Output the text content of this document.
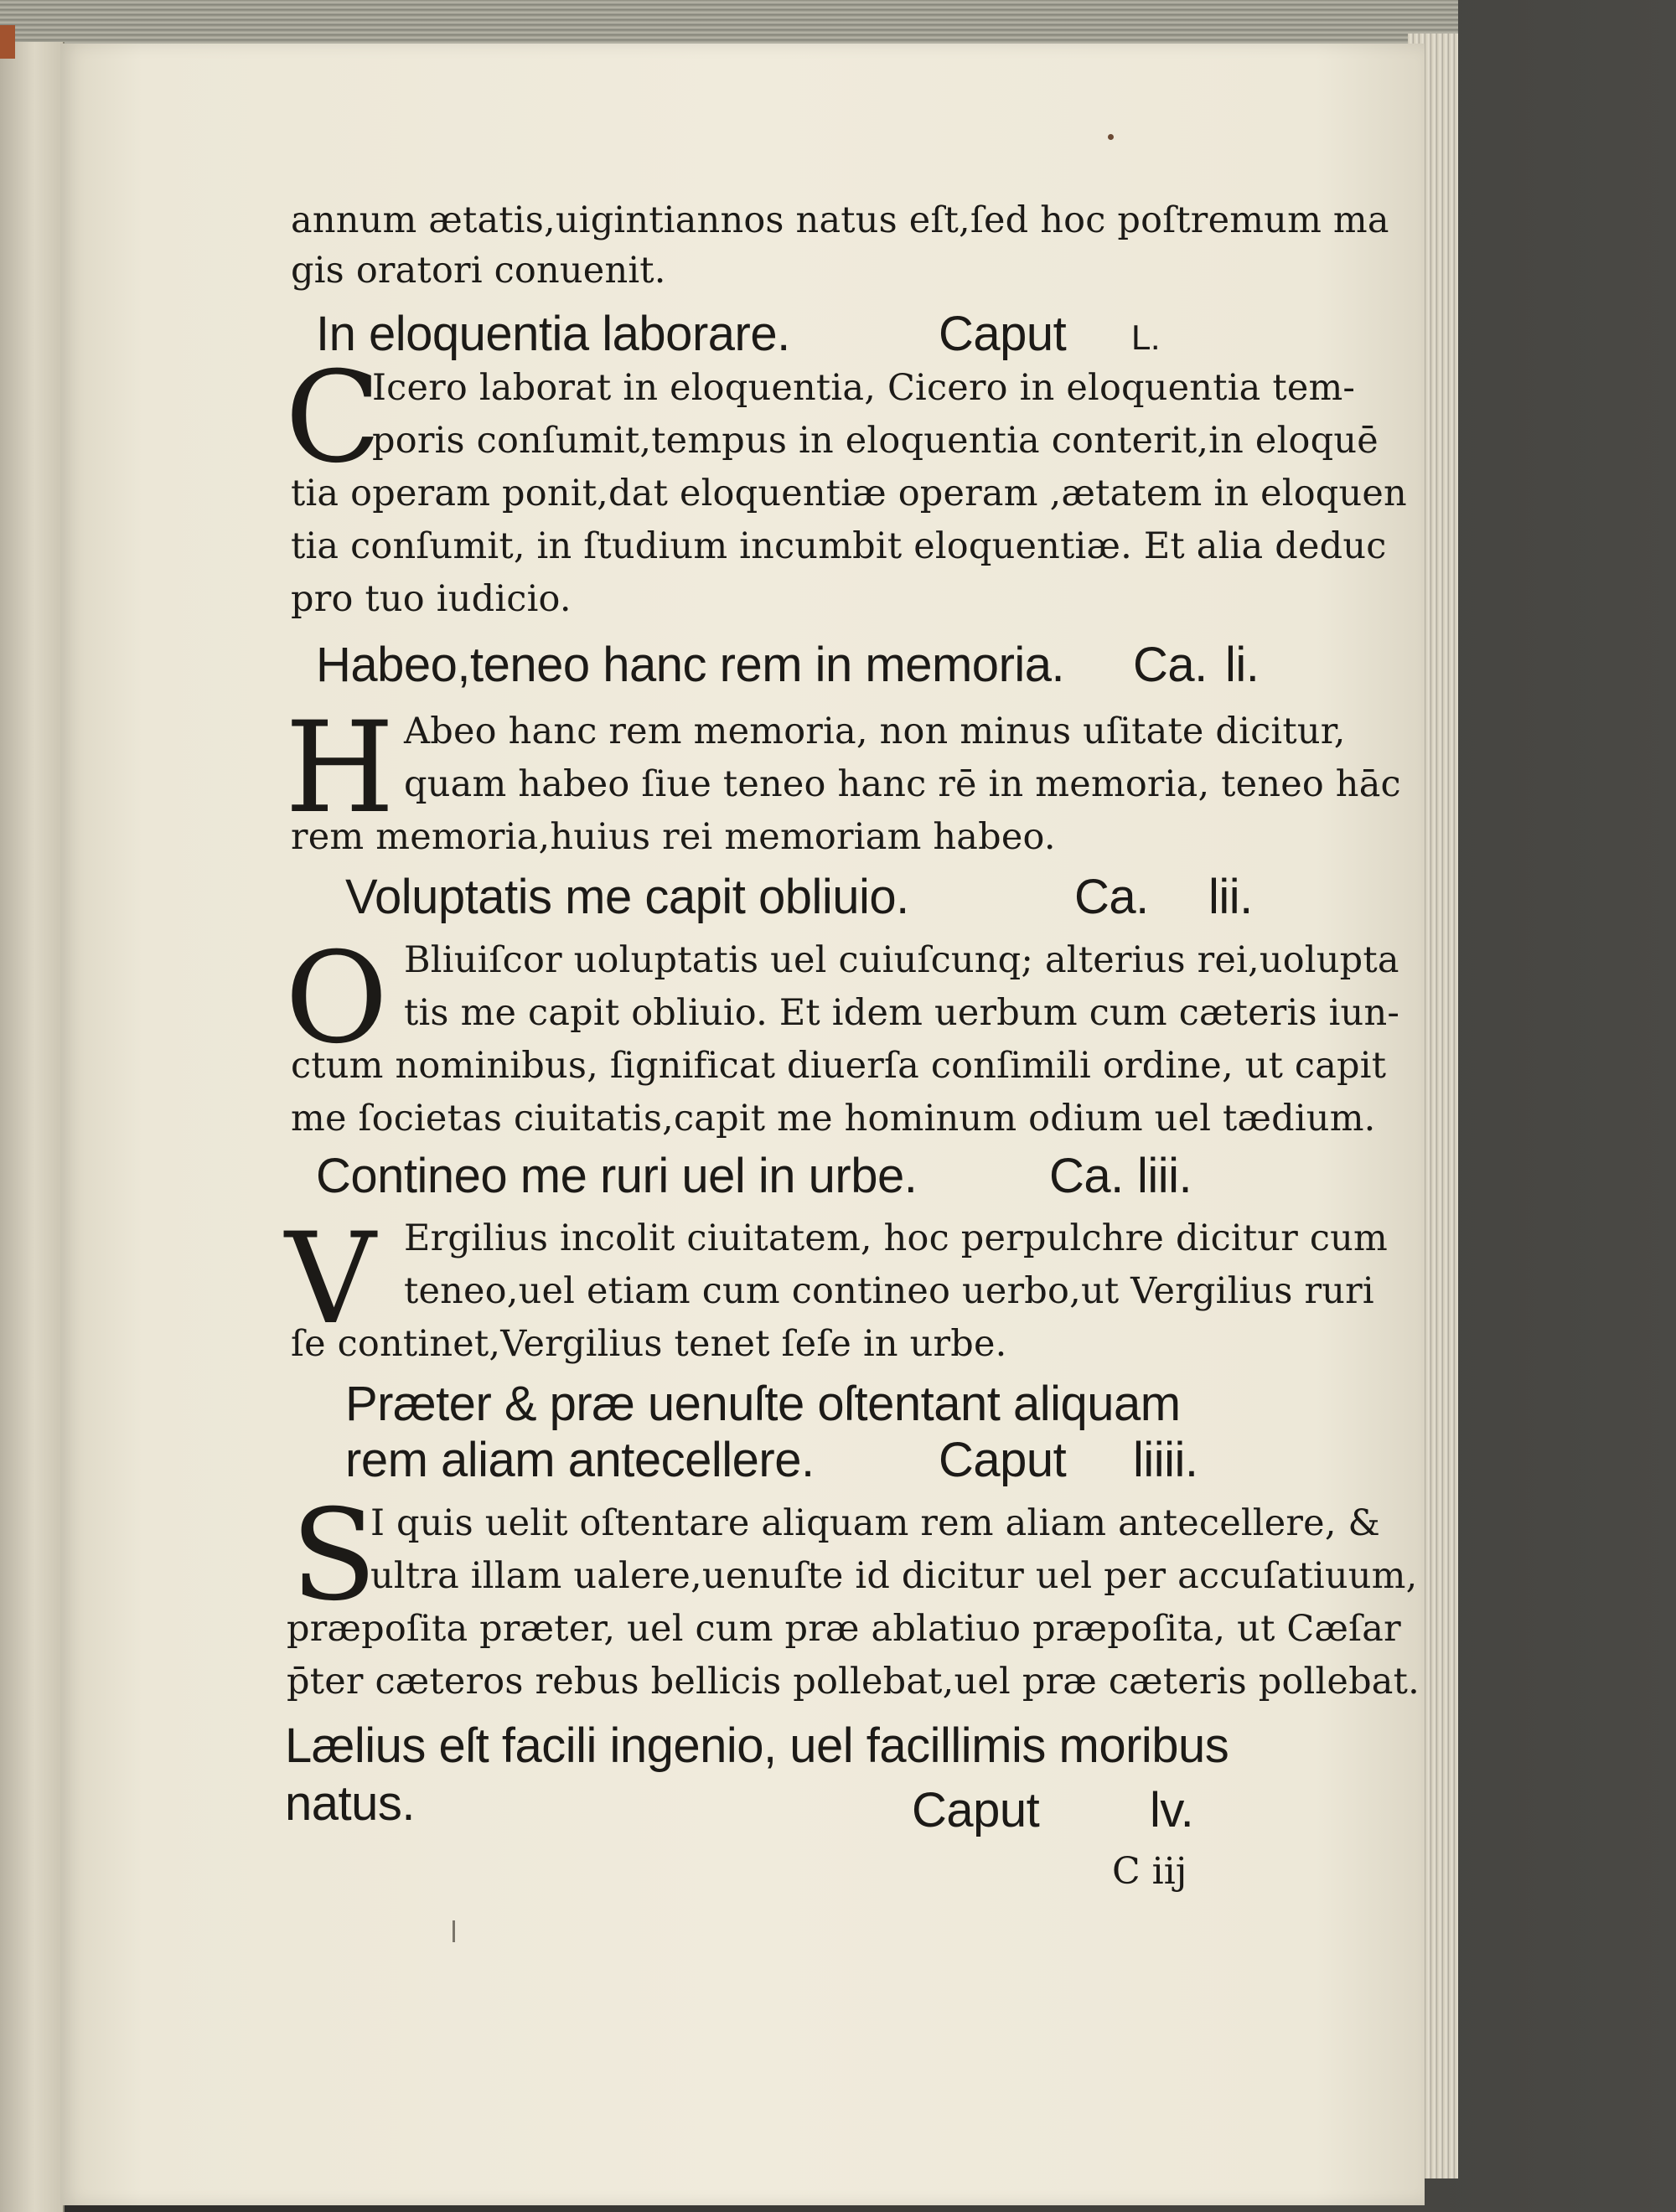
annum ætatis,uigintiannos natus eſt,ſed hoc poſtremum ma

gis oratori conuenit.

In eloquentia laborare.	Caput L.

C

Icero laborat in eloquentia, Cicero in eloquentia tem-

poris conſumit,tempus in eloquentia conterit,in eloquē

tia operam ponit,dat eloquentiæ operam ,ætatem in eloquen

tia conſumit, in ſtudium incumbit eloquentiæ. Et alia deduc

pro tuo iudicio.

Habeo,teneo hanc rem in memoria. Ca. li.

H Abeo hanc rem memoria, non minus uſitate dicitur,

quam habeo ſiue teneo hanc rē in memoria, teneo hāc

rem memoria,huius rei memoriam habeo.

Voluptatis me capit obliuio.	Ca. lii.

O Bliuiſcor uoluptatis uel cuiuſcunq; alterius rei,uolupta

tis me capit obliuio. Et idem uerbum cum cæteris iun-

ctum nominibus, ſignificat diuerſa conſimili ordine, ut capit

me ſocietas ciuitatis,capit me hominum odium uel tædium.

Contineo me ruri uel in urbe.	Ca. liii.

V Ergilius incolit ciuitatem, hoc perpulchre dicitur cum

teneo,uel etiam cum contineo uerbo,ut Vergilius ruri

ſe continet,Vergilius tenet ſeſe in urbe.

Præter & præ uenuſte oſtentant aliquam

rem aliam antecellere.	Caput liiii.

S

I quis uelit oſtentare aliquam rem aliam antecellere, &

ultra illam ualere,uenuſte id dicitur uel per accuſatiuum,

præpoſita præter, uel cum præ ablatiuo præpoſita, ut Cæſar

p̄ter cæteros rebus bellicis pollebat,uel præ cæteris pollebat.

Lælius eſt facili ingenio, uel facillimis moribus

natus.	Caput lv.

C iij
